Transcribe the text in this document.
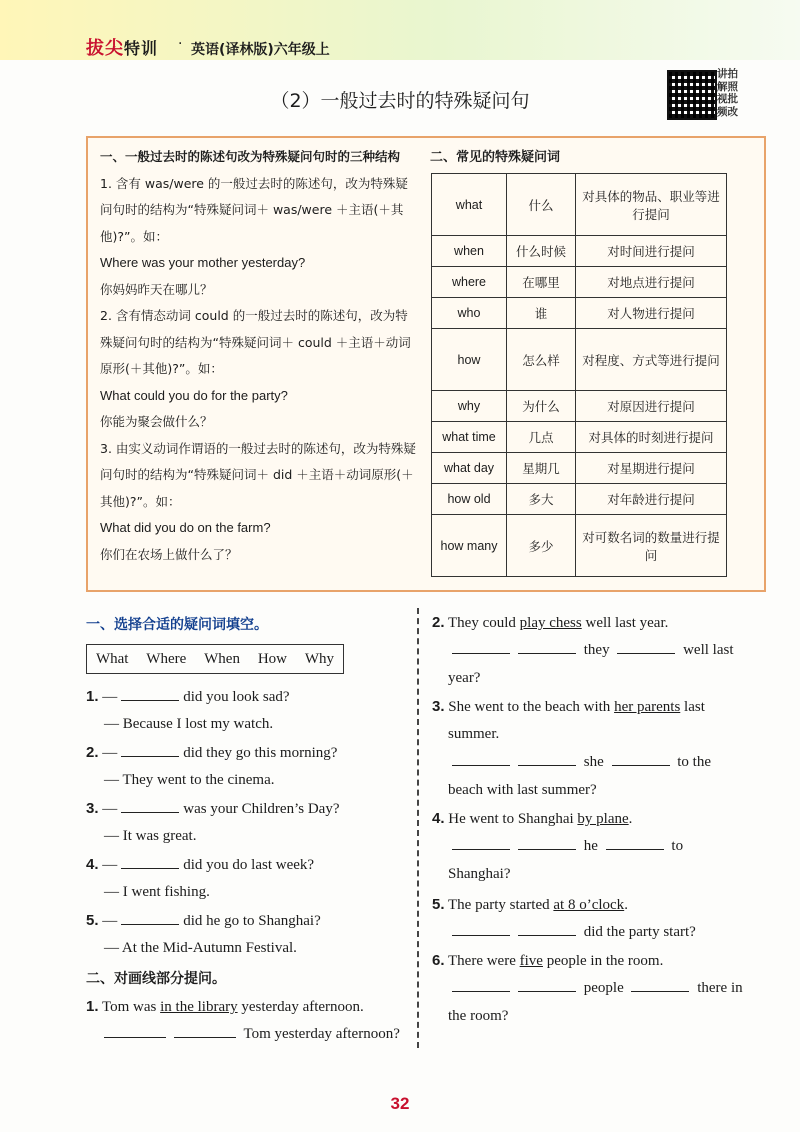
拔尖特训 · 英语(译林版)六年级上
（2）一般过去时的特殊疑问句
讲拍
解照
视批
频改
一、一般过去时的陈述句改为特殊疑问句时的三种结构
1. 含有 was/were 的一般过去时的陈述句，改为特殊疑问句时的结构为“特殊疑问词＋ was/were ＋主语(＋其他)?”。如：
Where was your mother yesterday?
你妈妈昨天在哪儿？
2. 含有情态动词 could 的一般过去时的陈述句，改为特殊疑问句时的结构为“特殊疑问词＋ could ＋主语＋动词原形(＋其他)?”。如：
What could you do for the party?
你能为聚会做什么？
3. 由实义动词作谓语的一般过去时的陈述句，改为特殊疑问句时的结构为“特殊疑问词＋ did ＋主语＋动词原形(＋其他)?”。如：
What did you do on the farm?
你们在农场上做什么了？
二、常见的特殊疑问词
what	什么	对具体的物品、职业等进行提问
when	什么时候	对时间进行提问
where	在哪里	对地点进行提问
who	谁	对人物进行提问
how	怎么样	对程度、方式等进行提问
why	为什么	对原因进行提问
what time	几点	对具体的时刻进行提问
what day	星期几	对星期进行提问
how old	多大	对年龄进行提问
how many	多少	对可数名词的数量进行提问
一、选择合适的疑问词填空。
What Where When How Why
1. —	did you look sad?
— Because I lost my watch.
2. —	did they go this morning?
— They went to the cinema.
3. —	was your Children’s Day?
— It was great.
4. —	did you do last week?
— I went fishing.
5. —	did he go to Shanghai?
— At the Mid-Autumn Festival.
二、对画线部分提问。
1. Tom was in the library yesterday afternoon.
Tom yesterday afternoon?
2. They could play chess well last year.
they	well last
year?
3. She went to the beach with her parents last
summer.
she	to the
beach with last summer?
4. He went to Shanghai by plane.
he	to
Shanghai?
5. The party started at 8 o’clock.
did the party start?
6. There were five people in the room.
people	there in
the room?
32
